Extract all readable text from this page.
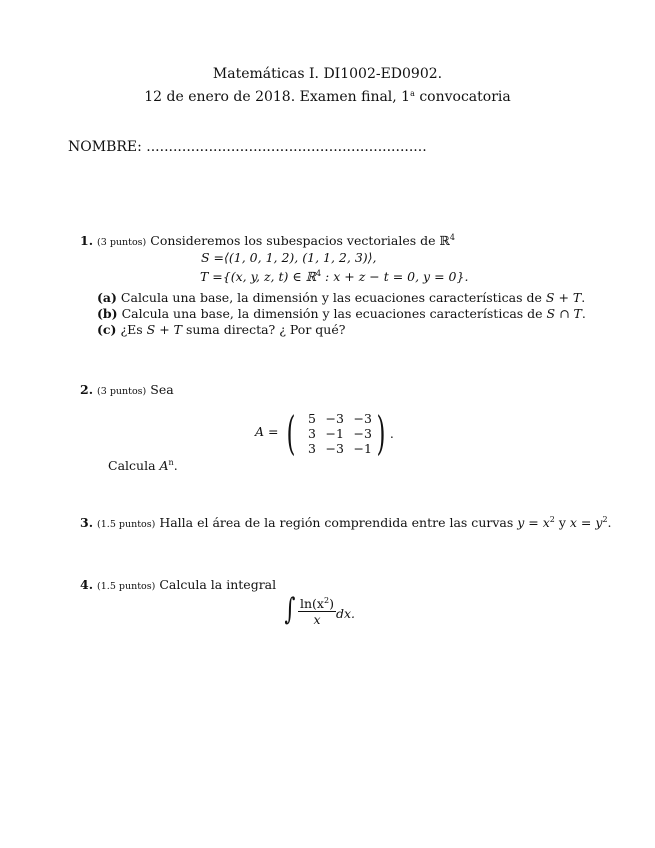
Matemáticas I. DI1002-ED0902.
12 de enero de 2018. Examen final, 1$^a$ convocatoria
NOMBRE: ...............................................................
1. (3 puntos) Consideremos los subespacios vectoriales de ℝ$^4$
S =⟨(1, 0, 1, 2), (1, 1, 2, 3)⟩,
T ={(x, y, z, t) ∈ ℝ$^4$ : x + z − t = 0, y = 0}.
(a) Calcula una base, la dimensión y las ecuaciones características de S + T.
(b) Calcula una base, la dimensión y las ecuaciones características de S ∩ T.
(c) ¿Es S + T suma directa? ¿ Por qué?
2. (3 puntos) Sea
A = (	5 −3 −3
3 −1 −3
3 −3 −1 ) .
Calcula $A^n$.
3. (1.5 puntos) Halla el área de la región comprendida entre las curvas $y = x^2$ y $x = y^2$.
4. (1.5 puntos) Calcula la integral
∫ $\frac{\ln(x^2)}{x}$ dx.
